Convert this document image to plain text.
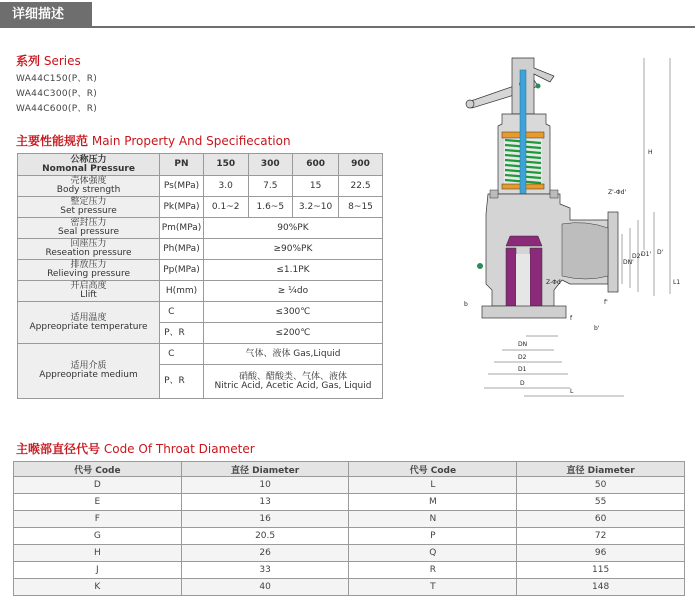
详细描述
系列 Series
WA44C150(P、R)
WA44C300(P、R)
WA44C600(P、R)
主要性能规范 Main Property And Specifiecation
公称压力
Nomonal Pressure	PN	150	300	600	900

壳体强度
Body strength	Ps(MPa)	3.0	7.5	15	22.5

整定压力
Set pressure	Pk(MPa)	0.1~2	1.6~5	3.2~10	8~15

密封压力
Seal pressure	Pm(MPa)	90%PK			

回座压力
Reseation pressure	Ph(MPa)	≥90%PK			

排放压力
Relieving pressure	Pp(MPa)	≤1.1PK			

开启高度
Llift	H(mm)	≥ ¹⁄₄do			

适用温度
Appreopriate temperature	C	≤300℃			
	P、R	≤200℃			

适用介质
Appreopriate medium	C	气体、液体 Gas,Liquid			
	P、R	硝酸、醋酸类、气体、液体
Nitric Acid, Acetic Acid, Gas, Liquid			
主喉部直径代号 Code Of Throat Diameter
代号 Code	直径 Diameter	代号 Code	直径 Diameter
D	10	L	50
E	13	M	55
F	16	N	60
G	20.5	P	72
H	26	Q	96
J	33	R	115
K	40	T	148
H
L1
D'
D1'
D2'
DN'
Z'-Φd'
Z-Φd
DN
D2
D1
D
L
b
b'
f
f'
